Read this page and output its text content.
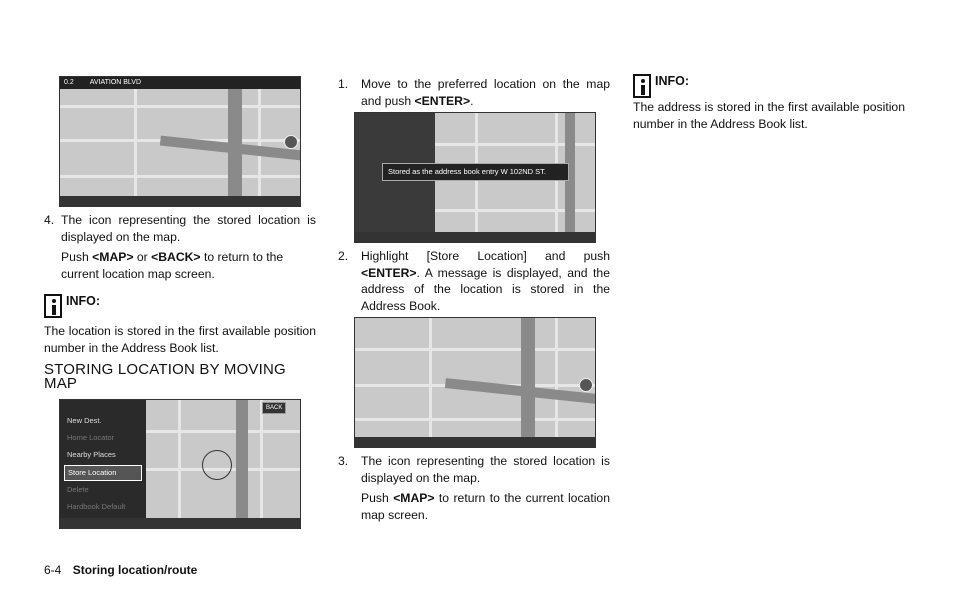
0.2 AVIATION BLVD
4. The icon representing the stored location is displayed on the map.
Push <MAP> or <BACK> to return to the current location map screen.
INFO:
The location is stored in the first available position number in the Address Book list.
STORING LOCATION BY MOVING MAP
New Dest.
Home Locator
Nearby Places
Store Location
Delete
Hardbook Default
BACK
1. Move to the preferred location on the map and push <ENTER>.
Stored as the address book entry W 102ND ST.
2. Highlight [Store Location] and push <ENTER>. A message is displayed, and the address of the location is stored in the Address Book.
3. The icon representing the stored location is displayed on the map.
Push <MAP> to return to the current location map screen.
INFO:
The address is stored in the first available position number in the Address Book list.
6-4 Storing location/route
